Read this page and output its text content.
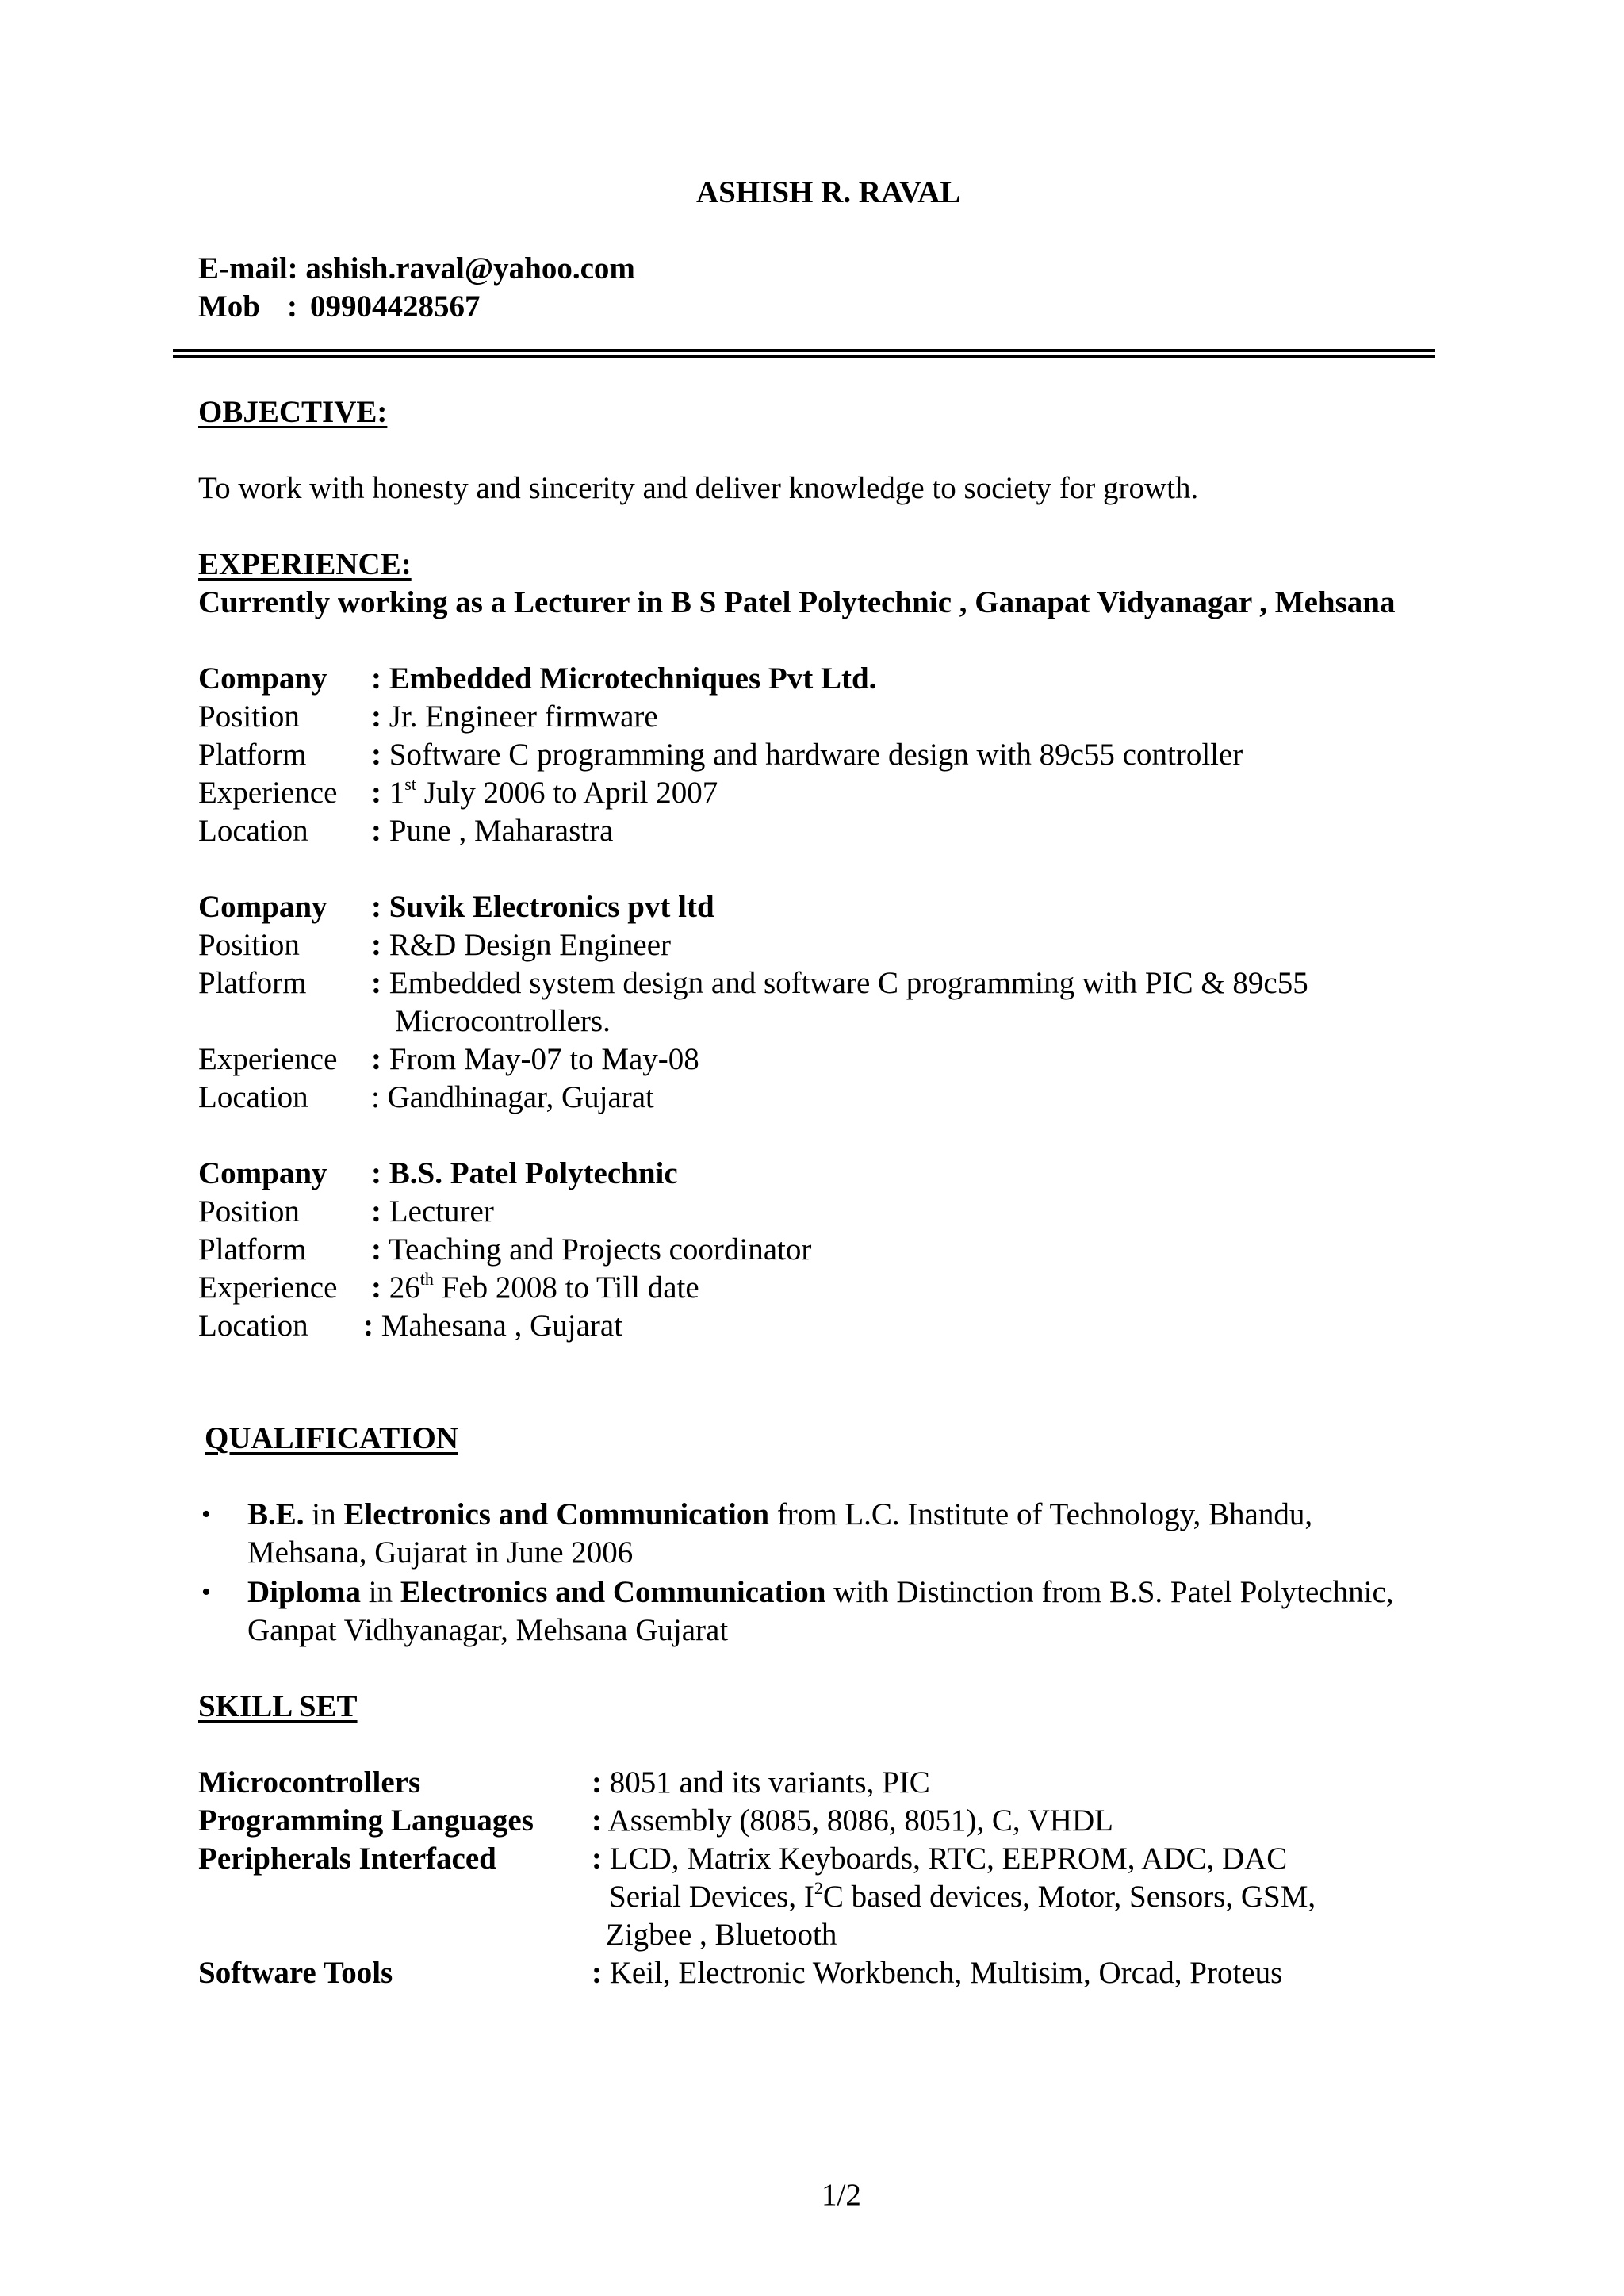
ASHISH R. RAVAL
E-mail: ashish.raval@yahoo.com
Mob : 09904428567
OBJECTIVE:
To work with honesty and sincerity and deliver knowledge to society for growth.
EXPERIENCE:
Currently working as a Lecturer in B S Patel Polytechnic , Ganapat Vidyanagar , Mehsana
Company : Embedded Microtechniques Pvt Ltd.
Position : Jr. Engineer firmware
Platform : Software C programming and hardware design with 89c55 controller
Experience : 1st July 2006 to April 2007
Location : Pune , Maharastra
Company : Suvik Electronics pvt ltd
Position : R&D Design Engineer
Platform : Embedded system design and software C programming with PIC & 89c55
Microcontrollers.
Experience : From May-07 to May-08
Location : Gandhinagar, Gujarat
Company : B.S. Patel Polytechnic
Position : Lecturer
Platform : Teaching and Projects coordinator
Experience : 26th Feb 2008 to Till date
Location : Mahesana , Gujarat
QUALIFICATION
• B.E. in Electronics and Communication from L.C. Institute of Technology, Bhandu,
Mehsana, Gujarat in June 2006
• Diploma in Electronics and Communication with Distinction from B.S. Patel Polytechnic,
Ganpat Vidhyanagar, Mehsana Gujarat
SKILL SET
Microcontrollers	: 8051 and its variants, PIC
Programming Languages : Assembly (8085, 8086, 8051), C, VHDL
Peripherals Interfaced	: LCD, Matrix Keyboards, RTC, EEPROM, ADC, DAC
Serial Devices, $I^2C$ based devices, Motor, Sensors, GSM,
Zigbee , Bluetooth
Software Tools	: Keil, Electronic Workbench, Multisim, Orcad, Proteus
1/2
